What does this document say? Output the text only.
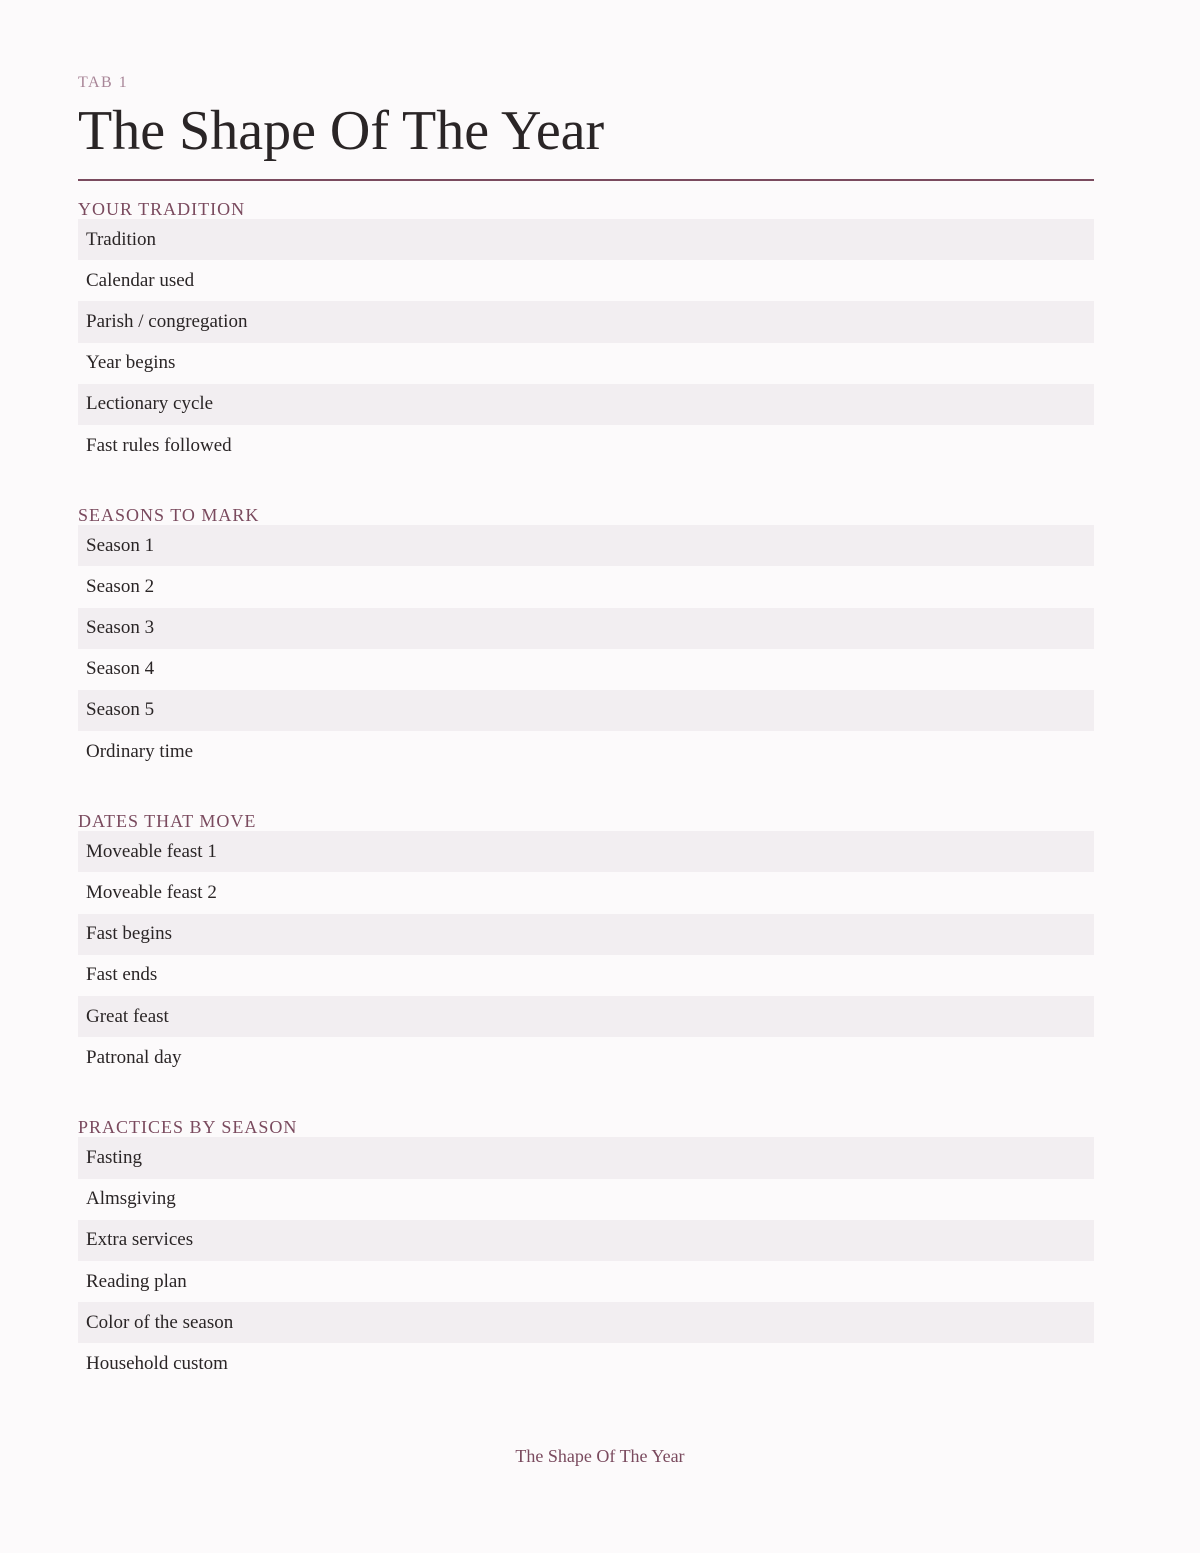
TAB 1
The Shape Of The Year
YOUR TRADITION
Tradition
Calendar used
Parish / congregation
Year begins
Lectionary cycle
Fast rules followed
SEASONS TO MARK
Season 1
Season 2
Season 3
Season 4
Season 5
Ordinary time
DATES THAT MOVE
Moveable feast 1
Moveable feast 2
Fast begins
Fast ends
Great feast
Patronal day
PRACTICES BY SEASON
Fasting
Almsgiving
Extra services
Reading plan
Color of the season
Household custom
The Shape Of The Year
